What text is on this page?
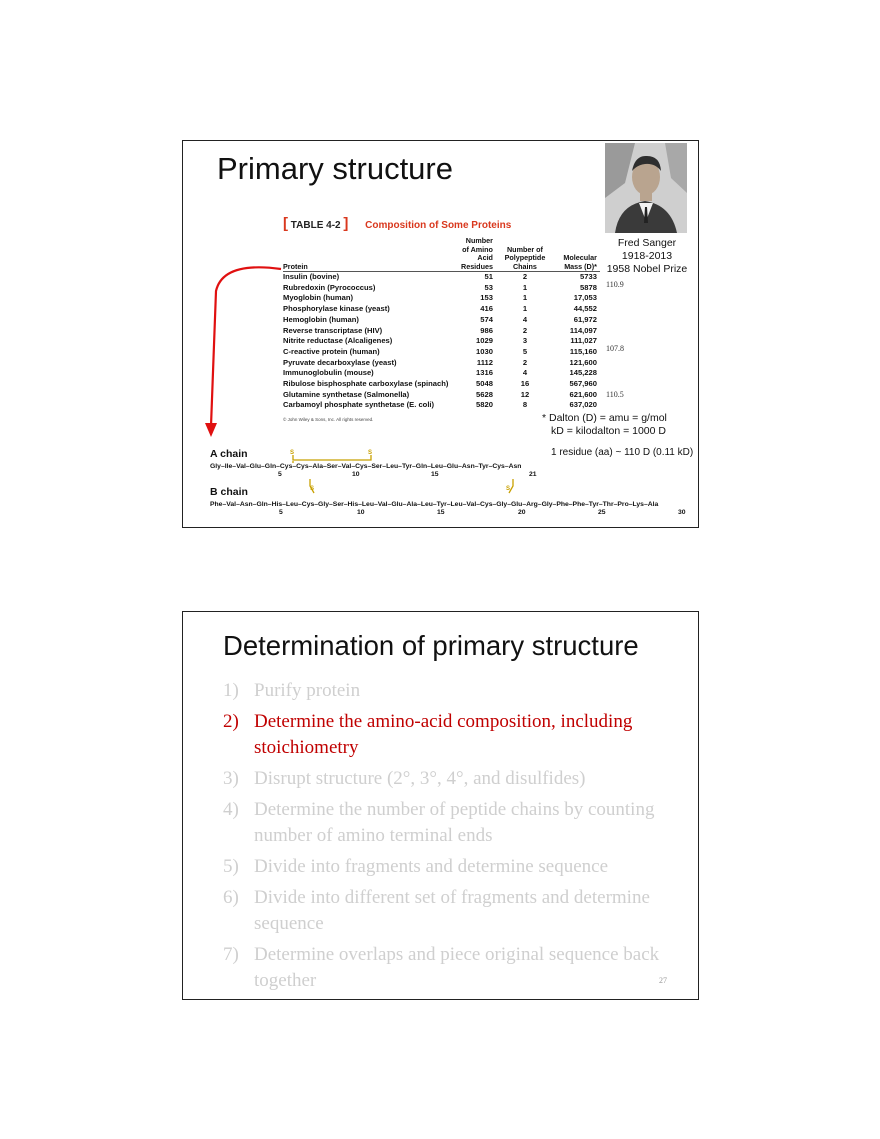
Primary structure
Fred Sanger
1918-2013
1958 Nobel Prize
[ TABLE 4-2 ] Composition of Some Proteins
Protein	Number of Amino Acid Residues	Number of Polypeptide Chains	Molecular Mass (D)*
Insulin (bovine)	51	2	5733
Rubredoxin (Pyrococcus)	53	1	5878
Myoglobin (human)	153	1	17,053
Phosphorylase kinase (yeast)	416	1	44,552
Hemoglobin (human)	574	4	61,972
Reverse transcriptase (HIV)	986	2	114,097
Nitrite reductase (Alcaligenes)	1029	3	111,027
C-reactive protein (human)	1030	5	115,160
Pyruvate decarboxylase (yeast)	1112	2	121,600
Immunoglobulin (mouse)	1316	4	145,228
Ribulose bisphosphate carboxylase (spinach)	5048	16	567,960
Glutamine synthetase (Salmonella)	5628	12	621,600
Carbamoyl phosphate synthetase (E. coli)	5820	8	637,020
110.9
107.8
110.5
© John Wiley & Sons, Inc. All rights reserved.	* Dalton (D) = amu = g/mol
kD = kilodalton = 1000 D
1 residue (aa) ~ 110 D (0.11 kD)
S	S
S	S
A chain
Gly–Ile–Val–Glu–Gln–Cys–Cys–Ala–Ser–Val–Cys–Ser–Leu–Tyr–Gln–Leu–Glu–Asn–Tyr–Cys–Asn
5	10	15	21
B chain
Phe–Val–Asn–Gln–His–Leu–Cys–Gly–Ser–His–Leu–Val–Glu–Ala–Leu–Tyr–Leu–Val–Cys–Gly–Glu–Arg–Gly–Phe–Phe–Tyr–Thr–Pro–Lys–Ala
5	10	15	20	25	30
Determination of primary structure
1) Purify protein
2) Determine the amino-acid composition, including stoichiometry
3) Disrupt structure (2°, 3°, 4°, and disulfides)
4) Determine the number of peptide chains by counting number of amino terminal ends
5) Divide into fragments and determine sequence
6) Divide into different set of fragments and determine sequence
7) Determine overlaps and piece original sequence back together	27
